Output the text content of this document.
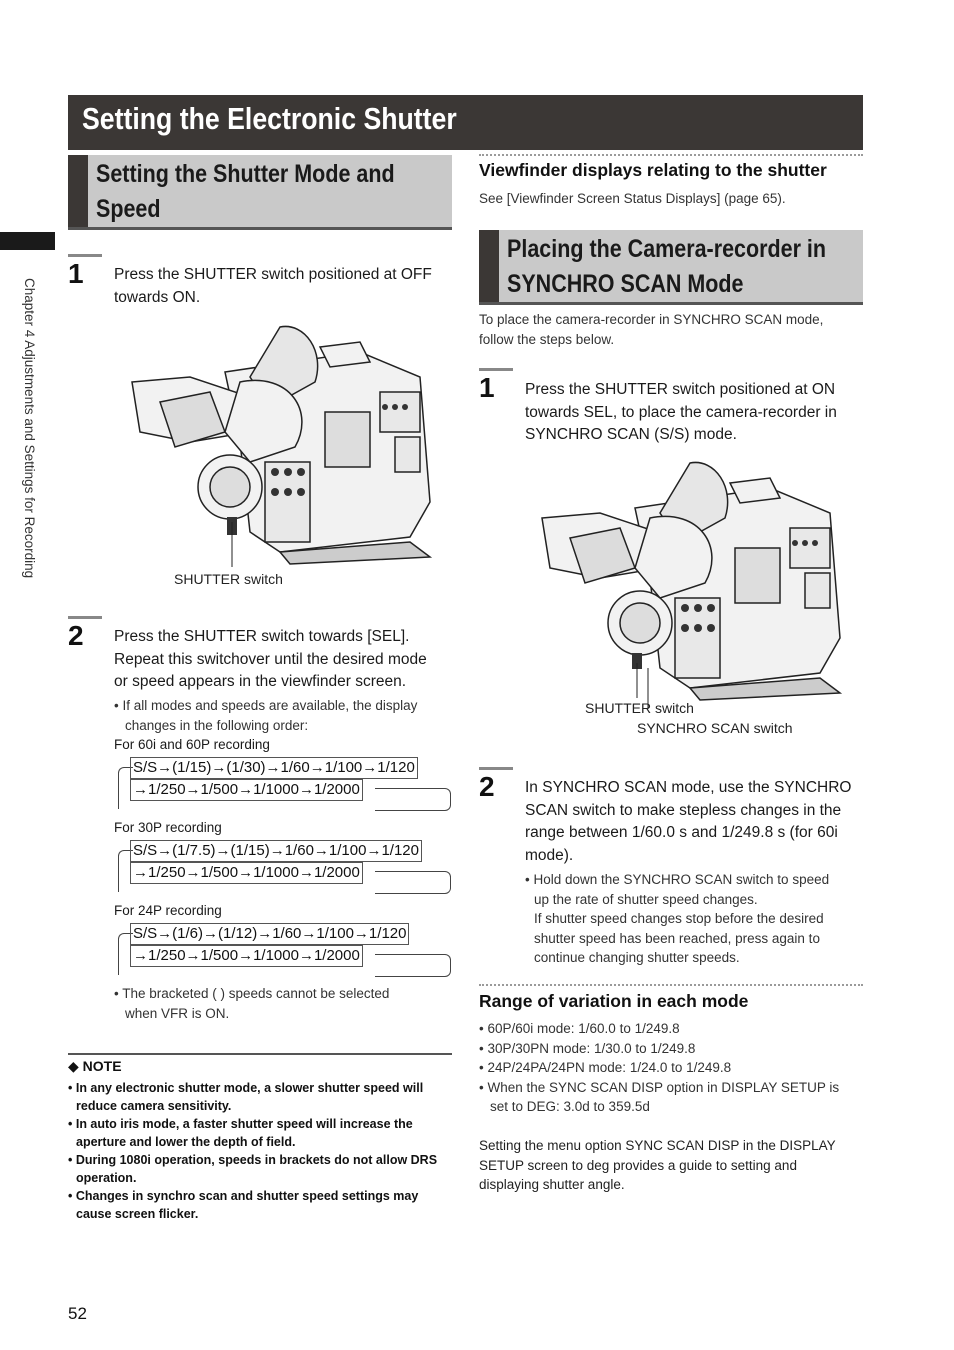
Setting the Electronic Shutter
Chapter 4 Adjustments and Settings for Recording
Setting the Shutter Mode and
Speed
1 Press the SHUTTER switch positioned at OFF
towards ON.
SHUTTER switch
2 Press the SHUTTER switch towards [SEL].
Repeat this switchover until the desired mode
or speed appears in the viewfinder screen.
• If all modes and speeds are available, the display
changes in the following order:
For 60i and 60P recording
S/S→(1/15)→(1/30)→1/60→1/100→1/120
→1/250→1/500→1/1000→1/2000
For 30P recording
S/S→(1/7.5)→(1/15)→1/60→1/100→1/120
→1/250→1/500→1/1000→1/2000
For 24P recording
S/S→(1/6)→(1/12)→1/60→1/100→1/120
→1/250→1/500→1/1000→1/2000
• The bracketed ( ) speeds cannot be selected
when VFR is ON.
◆ NOTE
• In any electronic shutter mode, a slower shutter speed will
reduce camera sensitivity.
• In auto iris mode, a faster shutter speed will increase the
aperture and lower the depth of field.
• During 1080i operation, speeds in brackets do not allow DRS
operation.
• Changes in synchro scan and shutter speed settings may
cause screen flicker.
52
Viewfinder displays relating to the shutter
See [Viewfinder Screen Status Displays] (page 65).
Placing the Camera-recorder in
SYNCHRO SCAN Mode
To place the camera-recorder in SYNCHRO SCAN mode,
follow the steps below.
1 Press the SHUTTER switch positioned at ON
towards SEL, to place the camera-recorder in
SYNCHRO SCAN (S/S) mode.
SHUTTER switch
SYNCHRO SCAN switch
2 In SYNCHRO SCAN mode, use the SYNCHRO
SCAN switch to make stepless changes in the
range between 1/60.0 s and 1/249.8 s (for 60i
mode).
• Hold down the SYNCHRO SCAN switch to speed
up the rate of shutter speed changes.
If shutter speed changes stop before the desired
shutter speed has been reached, press again to
continue changing shutter speeds.
Range of variation in each mode
• 60P/60i mode: 1/60.0 to 1/249.8
• 30P/30PN mode: 1/30.0 to 1/249.8
• 24P/24PA/24PN mode: 1/24.0 to 1/249.8
• When the SYNC SCAN DISP option in DISPLAY SETUP is
set to DEG: 3.0d to 359.5d
Setting the menu option SYNC SCAN DISP in the DISPLAY
SETUP screen to deg provides a guide to setting and
displaying shutter angle.
